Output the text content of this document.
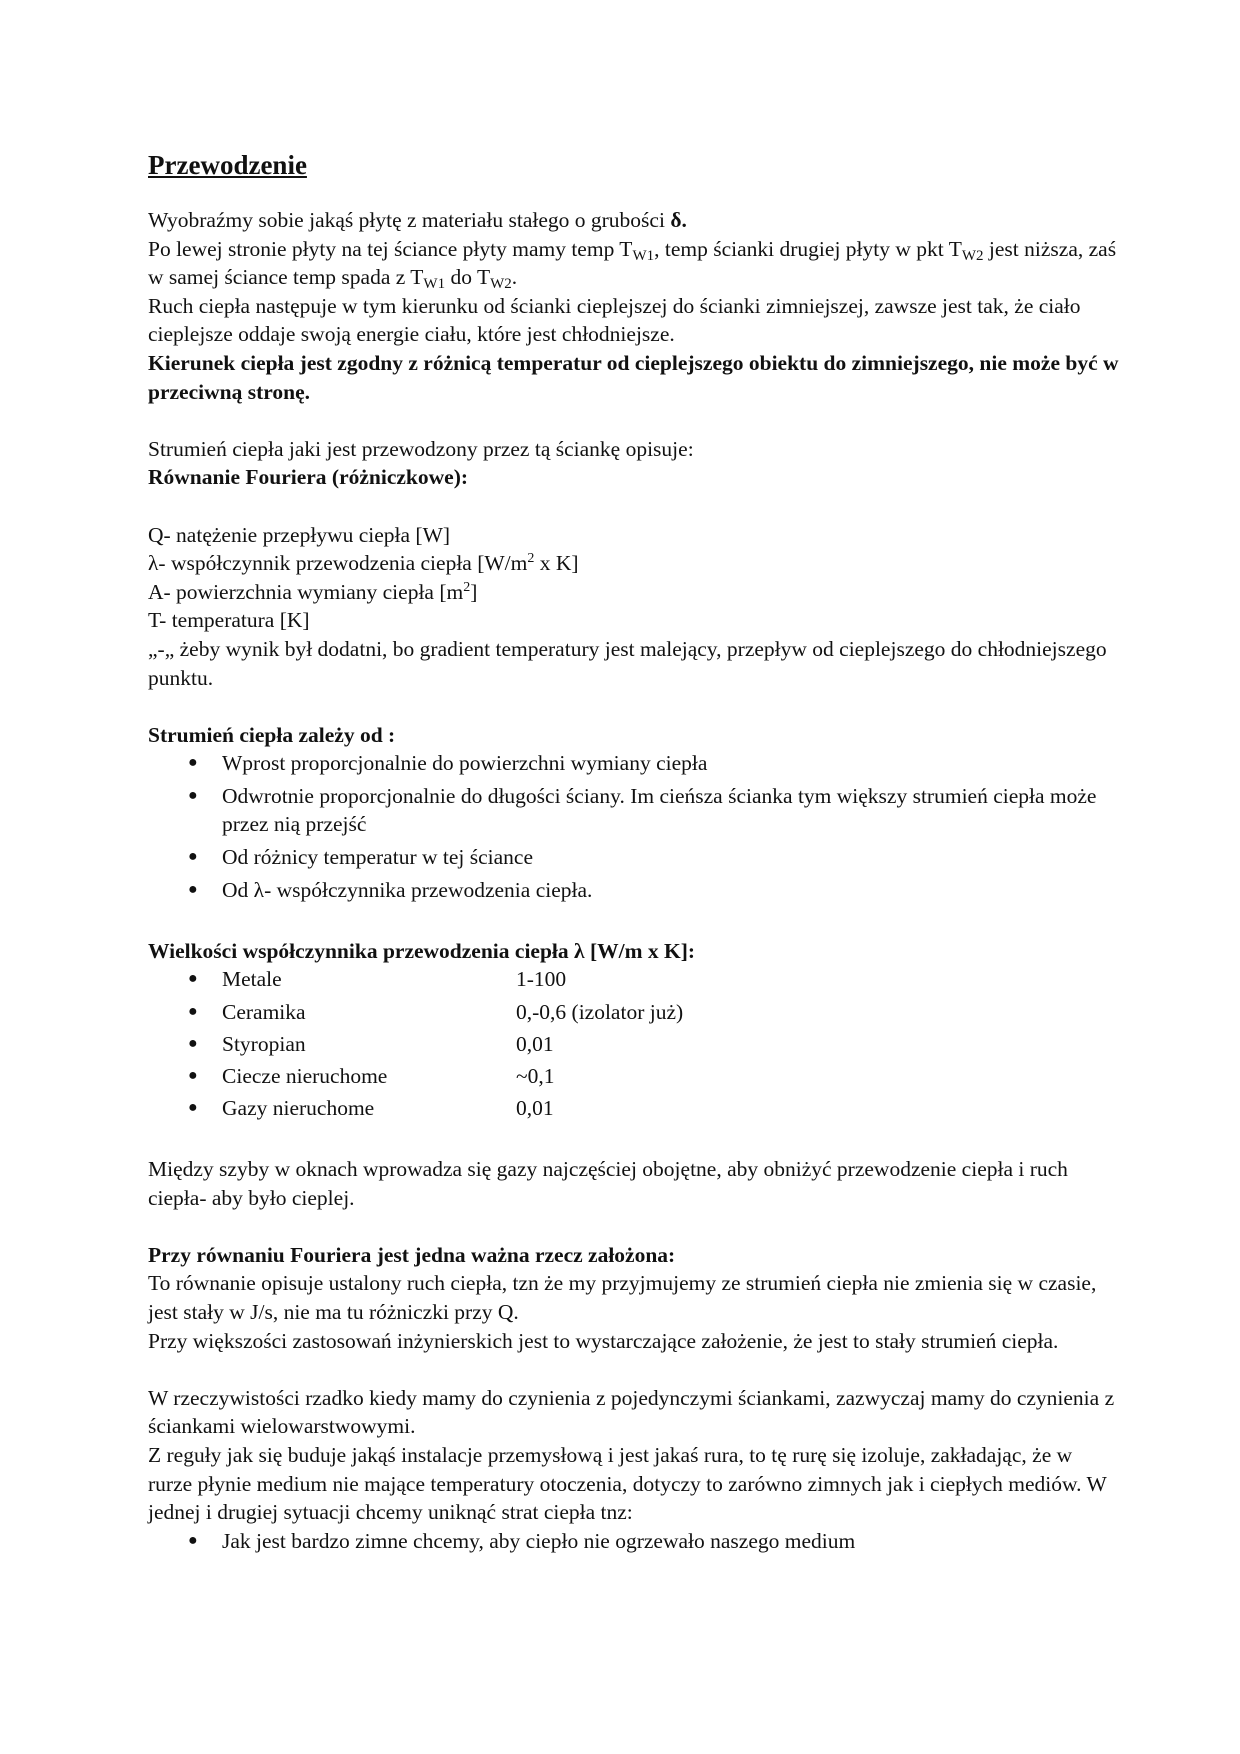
Przewodzenie

Wyobraźmy sobie jakąś płytę z materiału stałego o grubości δ.

Po lewej stronie płyty na tej ściance płyty mamy temp $T_{W1}$, temp ścianki drugiej płyty w pkt $T_{W2}$ jest niższa, zaś w samej ściance temp spada z $T_{W1}$ do $T_{W2}$.

Ruch ciepła następuje w tym kierunku od ścianki cieplejszej do ścianki zimniejszej, zawsze jest tak, że ciało cieplejsze oddaje swoją energie ciału, które jest chłodniejsze.

Kierunek ciepła jest zgodny z różnicą temperatur od cieplejszego obiektu do zimniejszego, nie może być w przeciwną stronę.

Strumień ciepła jaki jest przewodzony przez tą ściankę opisuje:

Równanie Fouriera (różniczkowe):

Q- natężenie przepływu ciepła [W]

λ- współczynnik przewodzenia ciepła [$W/m^2$ x K]

A- powierzchnia wymiany ciepła $[m^2]$

T- temperatura [K]

„-„ żeby wynik był dodatni, bo gradient temperatury jest malejący, przepływ od cieplejszego do chłodniejszego punktu.

Strumień ciepła zależy od :

● Wprost proporcjonalnie do powierzchni wymiany ciepła
● Odwrotnie proporcjonalnie do długości ściany. Im cieńsza ścianka tym większy strumień ciepła może przez nią przejść
● Od różnicy temperatur w tej ściance
● Od λ- współczynnika przewodzenia ciepła.

Wielkości współczynnika przewodzenia ciepła λ [W/m x K]:

● Metale	1-100
● Ceramika	0,-0,6 (izolator już)
● Styropian	0,01
● Ciecze nieruchome	~0,1
● Gazy nieruchome	0,01

Między szyby w oknach wprowadza się gazy najczęściej obojętne, aby obniżyć przewodzenie ciepła i ruch ciepła- aby było cieplej.

Przy równaniu Fouriera jest jedna ważna rzecz założona:

To równanie opisuje ustalony ruch ciepła, tzn że my przyjmujemy ze strumień ciepła nie zmienia się w czasie, jest stały w J/s, nie ma tu różniczki przy Q.

Przy większości zastosowań inżynierskich jest to wystarczające założenie, że jest to stały strumień ciepła.

W rzeczywistości rzadko kiedy mamy do czynienia z pojedynczymi ściankami, zazwyczaj mamy do czynienia z ściankami wielowarstwowymi.

Z reguły jak się buduje jakąś instalacje przemysłową i jest jakaś rura, to tę rurę się izoluje, zakładając, że w rurze płynie medium nie mające temperatury otoczenia, dotyczy to zarówno zimnych jak i ciepłych mediów. W jednej i drugiej sytuacji chcemy uniknąć strat ciepła tnz:

● Jak jest bardzo zimne chcemy, aby ciepło nie ogrzewało naszego medium
